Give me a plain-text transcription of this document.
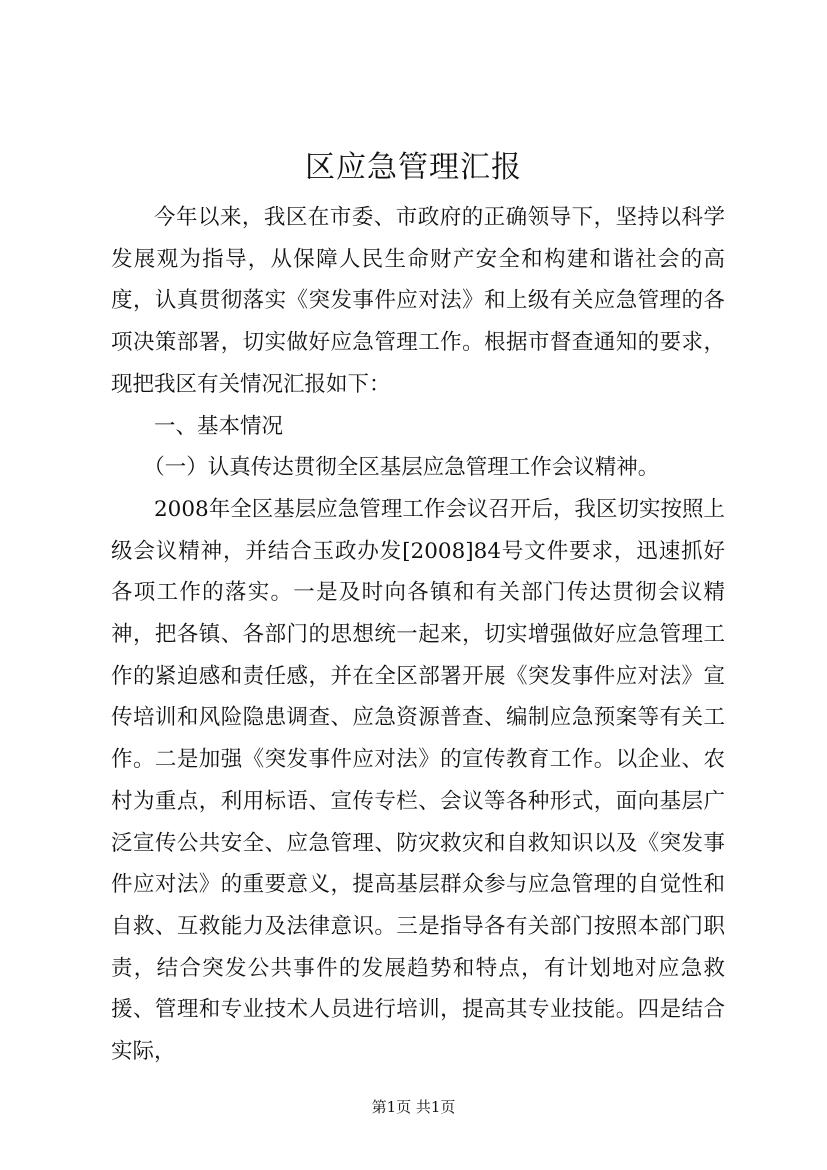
区应急管理汇报

今年以来，我区在市委、市政府的正确领导下，坚持以科学发展观为指导，从保障人民生命财产安全和构建和谐社会的高度，认真贯彻落实《突发事件应对法》和上级有关应急管理的各项决策部署，切实做好应急管理工作。根据市督查通知的要求，现把我区有关情况汇报如下：

一、基本情况

（一）认真传达贯彻全区基层应急管理工作会议精神。

2008年全区基层应急管理工作会议召开后，我区切实按照上级会议精神，并结合玉政办发[2008]84号文件要求，迅速抓好各项工作的落实。一是及时向各镇和有关部门传达贯彻会议精神，把各镇、各部门的思想统一起来，切实增强做好应急管理工作的紧迫感和责任感，并在全区部署开展《突发事件应对法》宣传培训和风险隐患调查、应急资源普查、编制应急预案等有关工作。二是加强《突发事件应对法》的宣传教育工作。以企业、农村为重点，利用标语、宣传专栏、会议等各种形式，面向基层广泛宣传公共安全、应急管理、防灾救灾和自救知识以及《突发事件应对法》的重要意义，提高基层群众参与应急管理的自觉性和自救、互救能力及法律意识。三是指导各有关部门按照本部门职责，结合突发公共事件的发展趋势和特点，有计划地对应急救援、管理和专业技术人员进行培训，提高其专业技能。四是结合实际，

第1页 共1页
